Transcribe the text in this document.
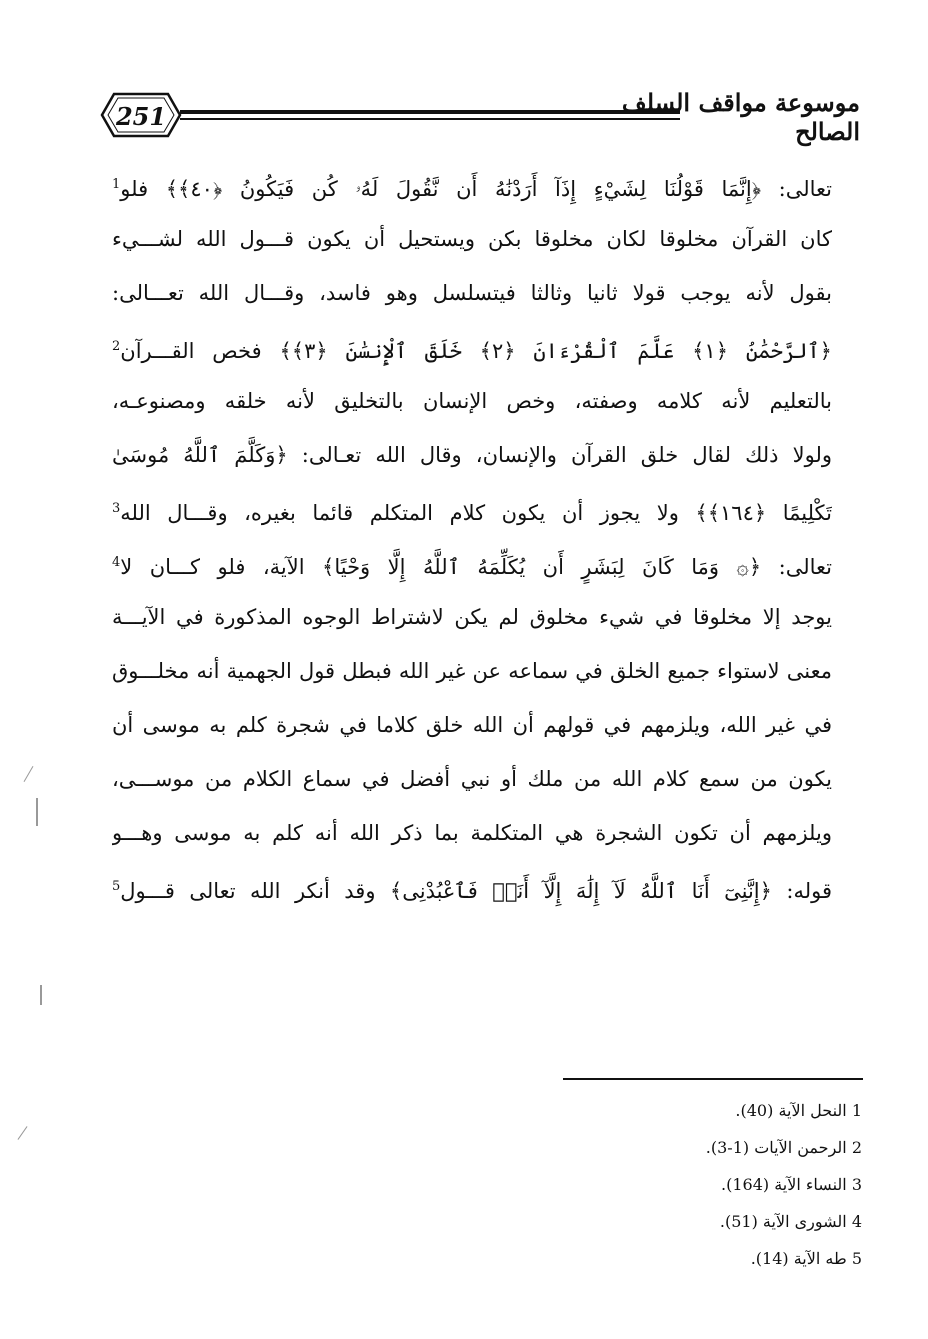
251	موسوعة مواقف السلف الصالح
تعالى: ﴿إِنَّمَا قَوْلُنَا لِشَيْءٍ إِذَآ أَرَدْنَٰهُ أَن نَّقُولَ لَهُۥ كُن فَيَكُونُ ﴿٤٠﴾﴾ فلو$^1$
كان القرآن مخلوقا لكان مخلوقا بكن ويستحيل أن يكون قـــول الله لشـــيء
بقول لأنه يوجب قولا ثانيا وثالثا فيتسلسل وهو فاسد، وقـــال الله تعـــالى:
﴿ٱلرَّحْمَٰنُ ﴿١﴾ عَلَّمَ ٱلْقُرْءَانَ ﴿٢﴾ خَلَقَ ٱلْإِنسَٰنَ ﴿٣﴾﴾ فخص القـــرآن$^2$
بالتعليم لأنه كلامه وصفته، وخص الإنسان بالتخليق لأنه خلقه ومصنوعـه،
ولولا ذلك لقال خلق القرآن والإنسان، وقال الله تعـالى: ﴿وَكَلَّمَ ٱللَّهُ مُوسَىٰ
تَكْلِيمًا ﴿١٦٤﴾﴾ ولا يجوز أن يكون كلام المتكلم قائما بغيره، وقـــال الله$^3$
تعالى: ﴿۞ وَمَا كَانَ لِبَشَرٍ أَن يُكَلِّمَهُ ٱللَّهُ إِلَّا وَحْيًا﴾ الآية، فلو كـــان لا$^4$
يوجد إلا مخلوقا في شيء مخلوق لم يكن لاشتراط الوجوه المذكورة في الآيـــة
معنى لاستواء جميع الخلق في سماعه عن غير الله فبطل قول الجهمية أنه مخلـــوق
في غير الله، ويلزمهم في قولهم أن الله خلق كلاما في شجرة كلم به موسى أن
يكون من سمع كلام الله من ملك أو نبي أفضل في سماع الكلام من موســـى،
ويلزمهم أن تكون الشجرة هي المتكلمة بما ذكر الله أنه كلم به موسى وهـــو
قوله: ﴿إِنَّنِىٓ أَنَا ٱللَّهُ لَآ إِلَٰهَ إِلَّآ أَنَا۠ فَٱعْبُدْنِى﴾ وقد أنكر الله تعالى قـــول$^5$
1 النحل الآية (40).
2 الرحمن الآيات (1-3).
3 النساء الآية (164).
4 الشورى الآية (51).
5 طه الآية (14).
